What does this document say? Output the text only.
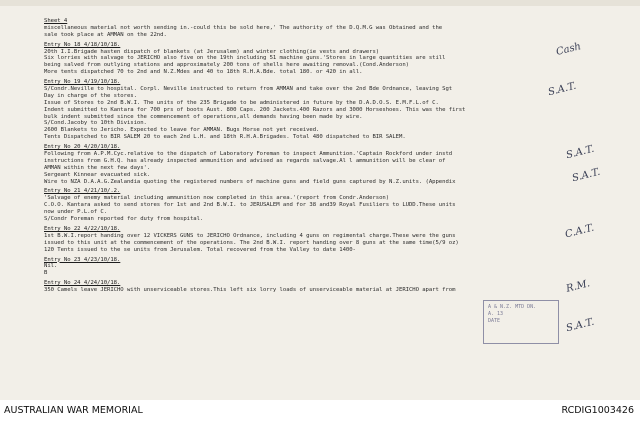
Sheet 4
miscellaneous material not worth sending in.-could this be sold here,' The authority of the D.Q.M.G was Obtained and the
sale took place at AMMAN on the 22nd.
Entry No 18 4/18/10/18.
20th I.I.Brigade hasten dispatch of blankets (at Jerusalem) and winter clothing(ie vests and drawers)
Six lorries with salvage to JERICHO also five on the 19th including 51 machine guns.'Stores in large quantities are still
being salved from outlying stations and approximately 200 tons of shells here awaiting removal.(Cond.Anderson)
More tents dispatched 70 to 2nd and N.Z.Mdes and 40 to 18th R.H.A.Bde. total 180. or 420 in all.
Entry No 19 4/19/10/18.
S/Condr.Neville to hospital. Corpl. Neville instructed to return from AMMAN and take over the 2nd Bde Ordnance, leaving Sgt
Day in charge of the stores.
Issue of Stores to 2nd B.W.I. The units of the 235 Brigade to be administered in future by the D.A.D.O.S. E.M.F.L.of C.
Indent submitted to Kantara for 700 prs of boots Aust. 800 Caps. 200 Jackets.400 Razors and 3000 Horseshoes. This was the first
bulk indent submitted since the commencement of operations,all demands having been made by wire.
S/Cond.Jacoby to 10th Division.
2600 Blankets to Jericho. Expected to leave for AMMAN. Bugs Horse not yet received.
Tents Dispatched to BIR SALEM 20 to each 2nd L.H. and 18th R.H.A.Brigades. Total 480 dispatched to BIR SALEM.
Entry No 20 4/20/10/18.
Following from A.P.M.Cyc.relative to the dispatch of Laboratory Foreman to inspect Ammunition.'Captain Rockford under instd
instructions from G.H.Q. has already inspected ammunition and advised as regards salvage.Al l ammunition will be clear of
AMMAN within the next few days'.
Sergeant Kinnear evacuated sick.
Wire to NZA D.A.A.G.Zealandia quoting the registered numbers of machine guns and field guns captured by N.Z.units. (Appendix
Entry No 21 4/21/10/.2.
'Salvage of enemy material including ammunition now completed in this area.'(report from Condr.Anderson)
C.O.O. Kantara asked to send stores for 1st and 2nd B.W.I. to JERUSALEM and for 38 and39 Royal Fusiliers to LUDD.These units
now under P.L.of C.
S/Condr Foreman reported for duty from hospital.
Entry No 22 4/22/10/18.
1st B.W.I.report handing over 12 VICKERS GUNS to JERICHO Ordnance, including 4 guns on regimental charge.These were the guns
issued to this unit at the commencement of the operations. The 2nd B.W.I. report handing over 8 guns at the same time(5/9 oz)
120 Tents issued to the se units from Jerusalem. Total recovered from the Valley to date 1400-
Entry No 23 4/23/10/18.
Nil.
B
Entry No 24 4/24/10/18.
350 Camels leave JERICHO with unserviceable stores.This left six lorry loads of unserviceable material at JERICHO apart from
Cash
S.A.T.
S.A.T.
S.A.T.
C.A.T.
R.M.
S.A.T.
A & N.Z. MTD DN.
A. 13
DATE
AUSTRALIAN WAR MEMORIAL	RCDIG1003426
